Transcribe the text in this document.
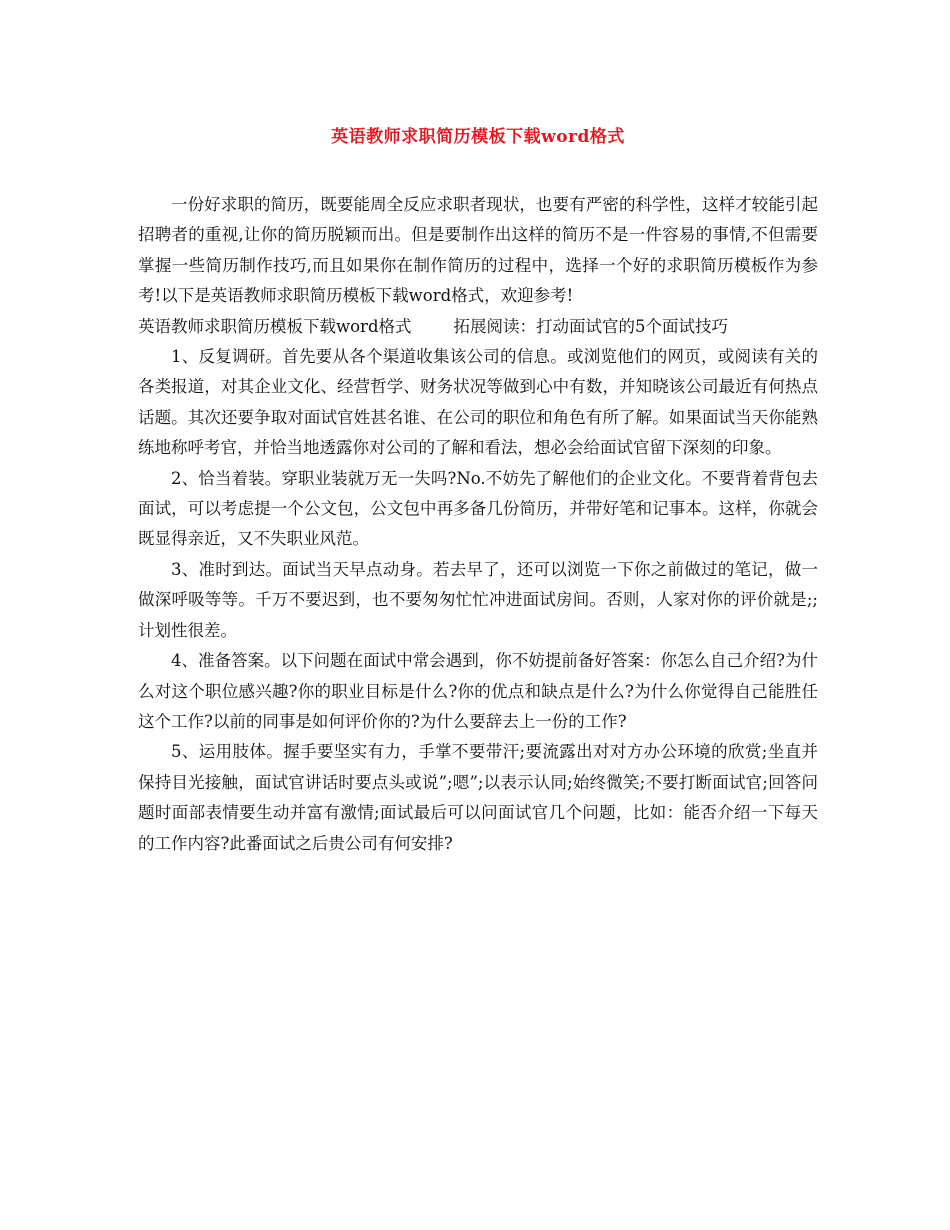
英语教师求职简历模板下载word格式

一份好求职的简历，既要能周全反应求职者现状，也要有严密的科学性，这样才较能引起招聘者的重视,让你的简历脱颖而出。但是要制作出这样的简历不是一件容易的事情,不但需要掌握一些简历制作技巧,而且如果你在制作简历的过程中，选择一个好的求职简历模板作为参考!以下是英语教师求职简历模板下载word格式，欢迎参考!

英语教师求职简历模板下载word格式	拓展阅读：打动面试官的5个面试技巧

1、反复调研。首先要从各个渠道收集该公司的信息。或浏览他们的网页，或阅读有关的各类报道，对其企业文化、经营哲学、财务状况等做到心中有数，并知晓该公司最近有何热点话题。其次还要争取对面试官姓甚名谁、在公司的职位和角色有所了解。如果面试当天你能熟练地称呼考官，并恰当地透露你对公司的了解和看法，想必会给面试官留下深刻的印象。

2、恰当着装。穿职业装就万无一失吗?No.不妨先了解他们的企业文化。不要背着背包去面试，可以考虑提一个公文包，公文包中再多备几份简历，并带好笔和记事本。这样，你就会既显得亲近，又不失职业风范。

3、准时到达。面试当天早点动身。若去早了，还可以浏览一下你之前做过的笔记，做一做深呼吸等等。千万不要迟到，也不要匆匆忙忙冲进面试房间。否则，人家对你的评价就是;;计划性很差。

4、准备答案。以下问题在面试中常会遇到，你不妨提前备好答案：你怎么自己介绍?为什么对这个职位感兴趣?你的职业目标是什么?你的优点和缺点是什么?为什么你觉得自己能胜任这个工作?以前的同事是如何评价你的?为什么要辞去上一份的工作?

5、运用肢体。握手要坚实有力，手掌不要带汗;要流露出对对方办公环境的欣赏;坐直并保持目光接触，面试官讲话时要点头或说”;嗯”;以表示认同;始终微笑;不要打断面试官;回答问题时面部表情要生动并富有激情;面试最后可以问面试官几个问题，比如：能否介绍一下每天的工作内容?此番面试之后贵公司有何安排?
